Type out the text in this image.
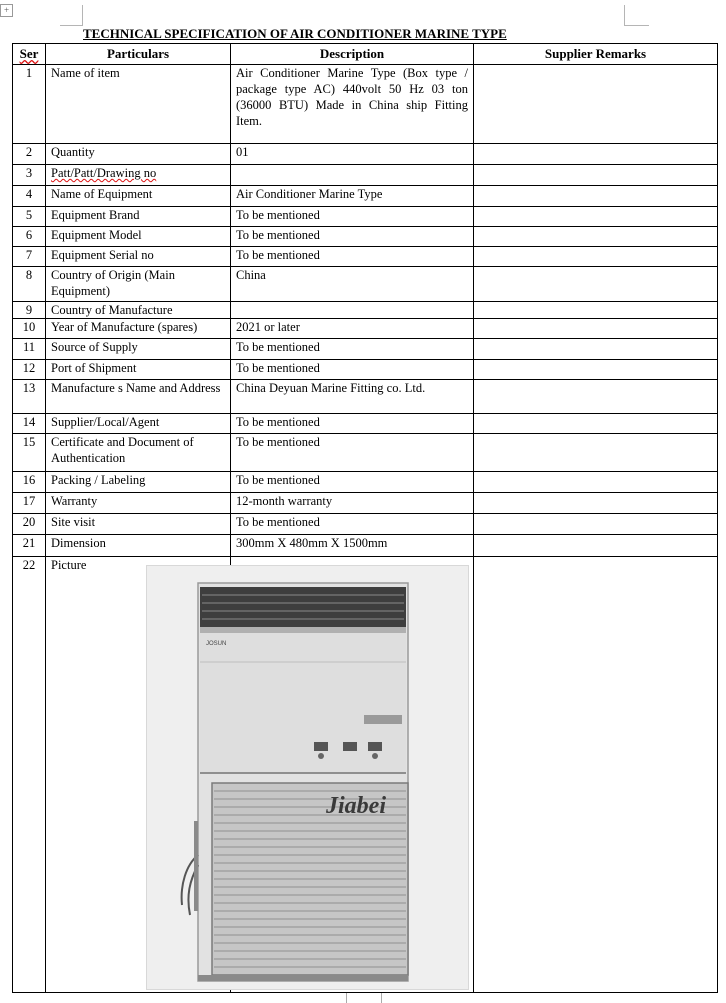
+
TECHNICAL SPECIFICATION OF AIR CONDITIONER MARINE TYPE
Ser	Particulars	Description	Supplier Remarks
1	Name of item	Air Conditioner Marine Type (Box type / package type AC) 440volt 50 Hz 03 ton (36000 BTU) Made in China ship Fitting Item.	
2	Quantity	01	
3	Patt/Patt/Drawing no		
4	Name of Equipment	Air Conditioner Marine Type	
5	Equipment Brand	To be mentioned	
6	Equipment Model	To be mentioned	
7	Equipment Serial no	To be mentioned	
8	Country of Origin (Main Equipment)	China	
9	Country of Manufacture		
10	Year of Manufacture (spares)	2021 or later	
11	Source of Supply	To be mentioned	
12	Port of Shipment	To be mentioned	
13	Manufacture s Name and Address	China Deyuan Marine Fitting co. Ltd.	
14	Supplier/Local/Agent	To be mentioned	
15	Certificate and Document of Authentication	To be mentioned	
16	Packing / Labeling	To be mentioned	
17	Warranty	12-month warranty	
20	Site visit	To be mentioned	
21	Dimension	300mm X 480mm X 1500mm	
22	Picture		
JOSUN
Jiabei
